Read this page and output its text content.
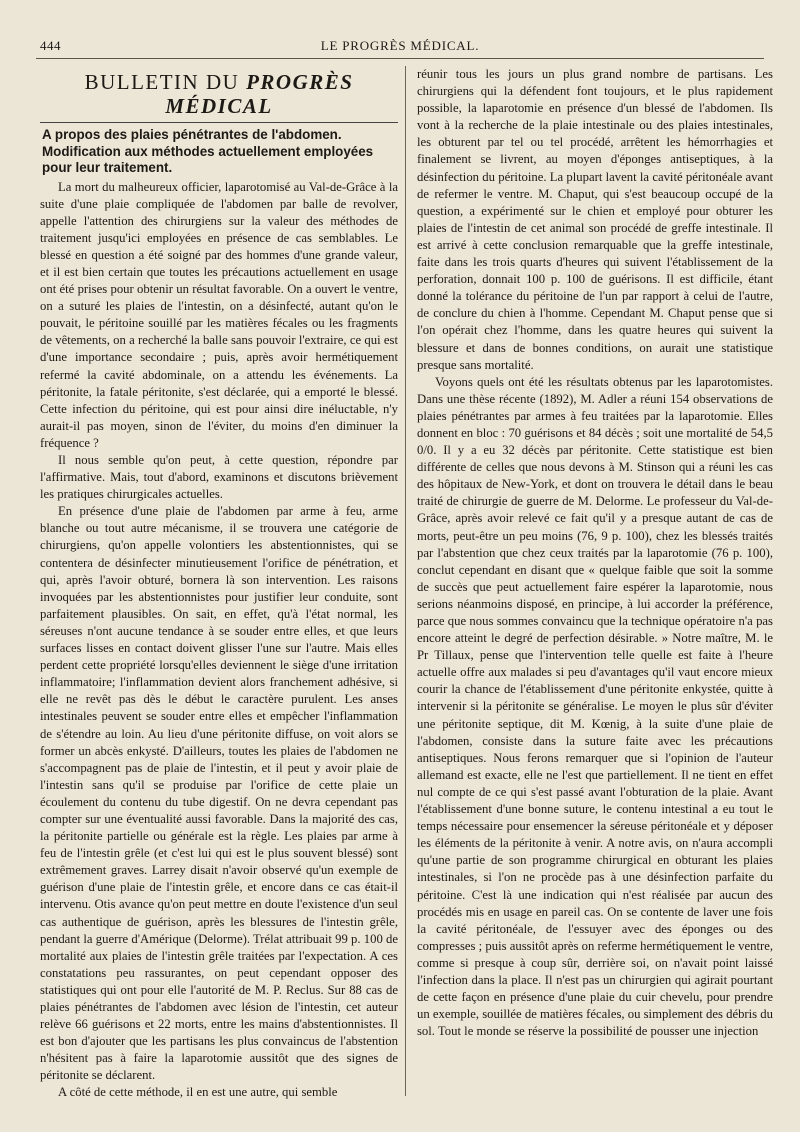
444	LE PROGRÈS MÉDICAL.
BULLETIN DU PROGRÈS MÉDICAL
A propos des plaies pénétrantes de l'abdomen. Modification aux méthodes actuellement employées pour leur traitement.

La mort du malheureux officier, laparotomisé au Val-de-Grâce à la suite d'une plaie compliquée de l'abdomen par balle de revolver, appelle l'attention des chirurgiens sur la valeur des méthodes de traitement jusqu'ici employées en présence de cas semblables. Le blessé en question a été soigné par des hommes d'une grande valeur, et il est bien certain que toutes les précautions actuellement en usage ont été prises pour obtenir un résultat favorable. On a ouvert le ventre, on a suturé les plaies de l'intestin, on a désinfecté, autant qu'on le pouvait, le péritoine souillé par les matières fécales ou les fragments de vêtements, on a recherché la balle sans pouvoir l'extraire, ce qui est d'une importance secondaire ; puis, après avoir hermétiquement refermé la cavité abdominale, on a attendu les événements. La péritonite, la fatale péritonite, s'est déclarée, qui a emporté le blessé. Cette infection du péritoine, qui est pour ainsi dire inéluctable, n'y aurait-il pas moyen, sinon de l'éviter, du moins d'en diminuer la fréquence ?

Il nous semble qu'on peut, à cette question, répondre par l'affirmative. Mais, tout d'abord, examinons et discutons brièvement les pratiques chirurgicales actuelles.

En présence d'une plaie de l'abdomen par arme à feu, arme blanche ou tout autre mécanisme, il se trouvera une catégorie de chirurgiens, qu'on appelle volontiers les abstentionnistes, qui se contentera de désinfecter minutieusement l'orifice de pénétration, et qui, après l'avoir obturé, bornera là son intervention. Les raisons invoquées par les abstentionnistes pour justifier leur conduite, sont parfaitement plausibles. On sait, en effet, qu'à l'état normal, les séreuses n'ont aucune tendance à se souder entre elles, et que leurs surfaces lisses en contact doivent glisser l'une sur l'autre. Mais elles perdent cette propriété lorsqu'elles deviennent le siège d'une irritation inflammatoire; l'inflammation devient alors franchement adhésive, si elle ne revêt pas dès le début le caractère purulent. Les anses intestinales peuvent se souder entre elles et empêcher l'inflammation de s'étendre au loin. Au lieu d'une péritonite diffuse, on voit alors se former un abcès enkysté. D'ailleurs, toutes les plaies de l'abdomen ne s'accompagnent pas de plaie de l'intestin, et il peut y avoir plaie de l'intestin sans qu'il se produise par l'orifice de cette plaie un écoulement du contenu du tube digestif. On ne devra cependant pas compter sur une éventualité aussi favorable. Dans la majorité des cas, la péritonite partielle ou générale est la règle. Les plaies par arme à feu de l'intestin grêle (et c'est lui qui est le plus souvent blessé) sont extrêmement graves. Larrey disait n'avoir observé qu'un exemple de guérison d'une plaie de l'intestin grêle, et encore dans ce cas était-il intervenu. Otis avance qu'on peut mettre en doute l'existence d'un seul cas authentique de guérison, après les blessures de l'intestin grêle, pendant la guerre d'Amérique (Delorme). Trélat attribuait 99 p. 100 de mortalité aux plaies de l'intestin grêle traitées par l'expectation. A ces constatations peu rassurantes, on peut cependant opposer des statistiques qui ont pour elle l'autorité de M. P. Reclus. Sur 88 cas de plaies pénétrantes de l'abdomen avec lésion de l'intestin, cet auteur relève 66 guérisons et 22 morts, entre les mains d'abstentionnistes. Il est bon d'ajouter que les partisans les plus convaincus de l'abstention n'hésitent pas à faire la laparotomie aussitôt que des signes de péritonite se déclarent.

A côté de cette méthode, il en est une autre, qui semble

réunir tous les jours un plus grand nombre de partisans. Les chirurgiens qui la défendent font toujours, et le plus rapidement possible, la laparotomie en présence d'un blessé de l'abdomen. Ils vont à la recherche de la plaie intestinale ou des plaies intestinales, les obturent par tel ou tel procédé, arrêtent les hémorrhagies et finalement se livrent, au moyen d'éponges antiseptiques, à la désinfection du péritoine. La plupart lavent la cavité péritonéale avant de refermer le ventre. M. Chaput, qui s'est beaucoup occupé de la question, a expérimenté sur le chien et employé pour obturer les plaies de l'intestin de cet animal son procédé de greffe intestinale. Il est arrivé à cette conclusion remarquable que la greffe intestinale, faite dans les trois quarts d'heures qui suivent l'établissement de la perforation, donnait 100 p. 100 de guérisons. Il est difficile, étant donné la tolérance du péritoine de l'un par rapport à celui de l'autre, de conclure du chien à l'homme. Cependant M. Chaput pense que si l'on opérait chez l'homme, dans les quatre heures qui suivent la blessure et dans de bonnes conditions, on aurait une statistique presque sans mortalité.

Voyons quels ont été les résultats obtenus par les laparotomistes. Dans une thèse récente (1892), M. Adler a réuni 154 observations de plaies pénétrantes par armes à feu traitées par la laparotomie. Elles donnent en bloc : 70 guérisons et 84 décès ; soit une mortalité de 54,5 0/0. Il y a eu 32 décès par péritonite. Cette statistique est bien différente de celles que nous devons à M. Stinson qui a réuni les cas des hôpitaux de New-York, et dont on trouvera le détail dans le beau traité de chirurgie de guerre de M. Delorme. Le professeur du Val-de-Grâce, après avoir relevé ce fait qu'il y a presque autant de cas de morts, peut-être un peu moins (76, 9 p. 100), chez les blessés traités par l'abstention que chez ceux traités par la laparotomie (76 p. 100), conclut cependant en disant que « quelque faible que soit la somme de succès que peut actuellement faire espérer la laparotomie, nous serions néanmoins disposé, en principe, à lui accorder la préférence, parce que nous sommes convaincu que la technique opératoire n'a pas encore atteint le degré de perfection désirable. » Notre maître, M. le Pr Tillaux, pense que l'intervention telle quelle est faite à l'heure actuelle offre aux malades si peu d'avantages qu'il vaut encore mieux courir la chance de l'établissement d'une péritonite enkystée, quitte à intervenir si la péritonite se généralise. Le moyen le plus sûr d'éviter une péritonite septique, dit M. Kœnig, à la suite d'une plaie de l'abdomen, consiste dans la suture faite avec les précautions antiseptiques. Nous ferons remarquer que si l'opinion de l'auteur allemand est exacte, elle ne l'est que partiellement. Il ne tient en effet nul compte de ce qui s'est passé avant l'obturation de la plaie. Avant l'établissement d'une bonne suture, le contenu intestinal a eu tout le temps nécessaire pour ensemencer la séreuse péritonéale et y déposer les éléments de la péritonite à venir. A notre avis, on n'aura accompli qu'une partie de son programme chirurgical en obturant les plaies intestinales, si l'on ne procède pas à une désinfection parfaite du péritoine. C'est là une indication qui n'est réalisée par aucun des procédés mis en usage en pareil cas. On se contente de laver une fois la cavité péritonéale, de l'essuyer avec des éponges ou des compresses ; puis aussitôt après on referme hermétiquement le ventre, comme si presque à coup sûr, derrière soi, on n'avait point laissé l'infection dans la place. Il n'est pas un chirurgien qui agirait pourtant de cette façon en présence d'une plaie du cuir chevelu, pour prendre un exemple, souillée de matières fécales, ou simplement des débris du sol. Tout le monde se réserve la possibilité de pousser une injection
